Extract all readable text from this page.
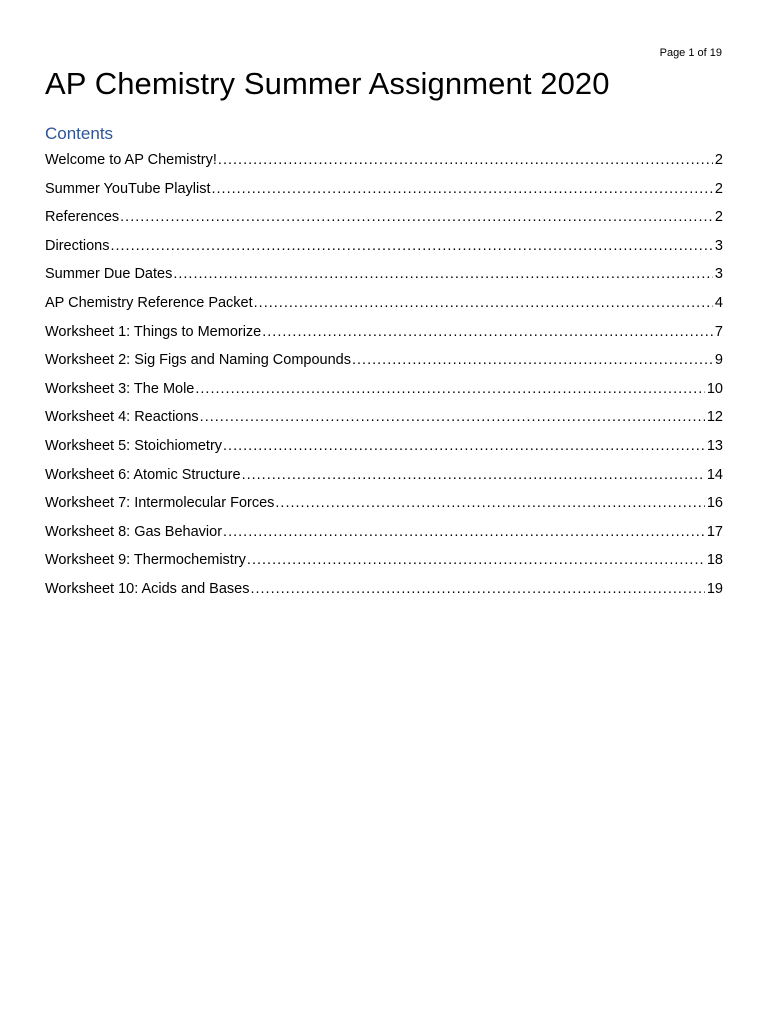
Page 1 of 19
AP Chemistry Summer Assignment 2020
Contents
Welcome to AP Chemistry! .....	2
Summer YouTube Playlist .....	2
References .....	2
Directions .....	3
Summer Due Dates .....	3
AP Chemistry Reference Packet .....	4
Worksheet 1: Things to Memorize .....	7
Worksheet 2: Sig Figs and Naming Compounds .....	9
Worksheet 3: The Mole .....	10
Worksheet 4: Reactions .....	12
Worksheet 5: Stoichiometry .....	13
Worksheet 6: Atomic Structure .....	14
Worksheet 7: Intermolecular Forces .....	16
Worksheet 8: Gas Behavior .....	17
Worksheet 9: Thermochemistry .....	18
Worksheet 10: Acids and Bases .....	19
